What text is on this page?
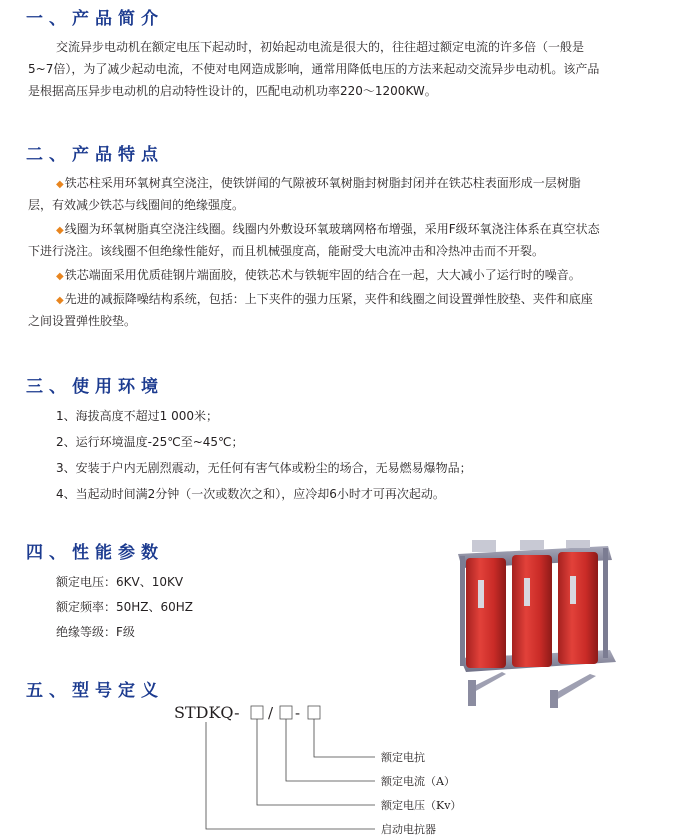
一、产品简介
交流异步电动机在额定电压下起动时，初始起动电流是很大的，往往超过额定电流的许多倍（一般是
5~7倍），为了减少起动电流，不使对电网造成影响，通常用降低电压的方法来起动交流异步电动机。该产品
是根据高压异步电动机的启动特性设计的，匹配电动机功率220～1200KW。
二、产品特点
◆铁芯柱采用环氧树真空浇注，使铁饼闻的气隙被环氧树脂封树脂封闭并在铁芯柱表面形成一层树脂
层，有效减少铁芯与线圈间的绝缘强度。
◆线圈为环氧树脂真空浇注线圈。线圈内外敷设环氧玻璃网格布增强，采用F级环氧浇注体系在真空状态
下进行浇注。该线圈不但绝缘性能好，而且机械强度高，能耐受大电流冲击和冷热冲击而不开裂。
◆铁芯端面采用优质硅钢片端面胶，使铁芯术与铁轭牢固的结合在一起，大大减小了运行时的噪音。
◆先进的减振降噪结构系统，包括：上下夹件的强力压紧，夹件和线圈之间设置弹性胶垫、夹件和底座
之间设置弹性胶垫。
三、使用环境
1、海拔高度不超过1 000米；
2、运行环境温度-25℃至~45℃；
3、安装于户内无剧烈震动，无任何有害气体或粉尘的场合，无易燃易爆物品；
4、当起动时间满2分钟（一次或数次之和），应冷却6小时才可再次起动。
四、性能参数
额定电压：6KV、10KV
额定频率：50HZ、60HZ
绝缘等级：F级
五、型号定义
STDKQ- / -
额定电抗
额定电流（A）
额定电压（Kv）
启动电抗器
